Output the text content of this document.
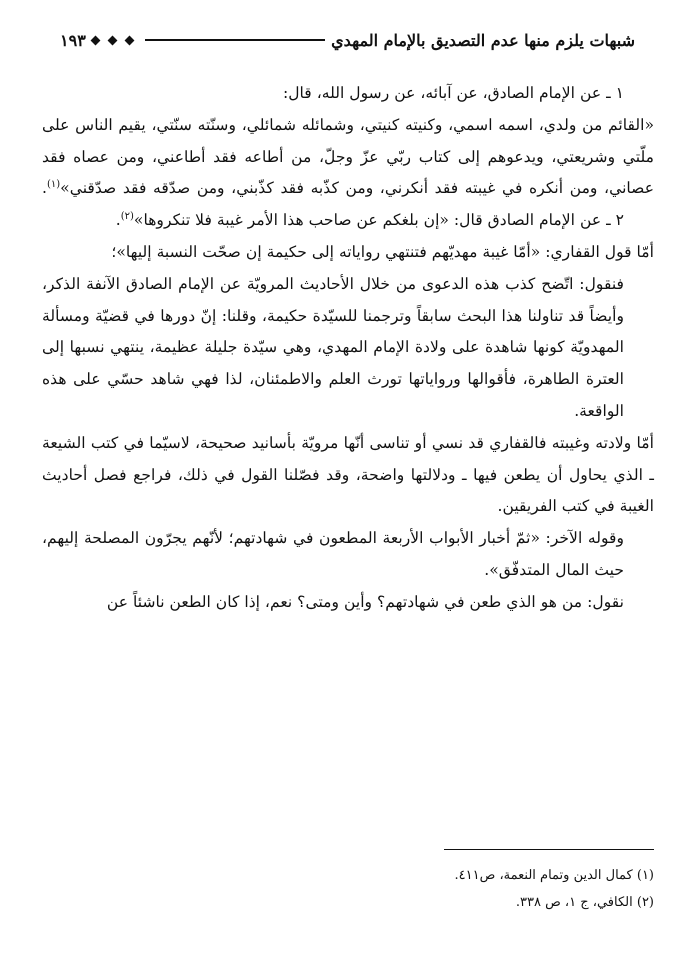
شبهات يلزم منها عدم التصديق بالإمام المهدي
١٩٣

١ ـ عن الإمام الصادق، عن آبائه، عن رسول الله، قال:

«القائم من ولدي، اسمه اسمي، وكنيته كنيتي، وشمائله شمائلي، وسنّته سنّتي، يقيم الناس على ملّتي وشريعتي، ويدعوهم إلى كتاب ربّي عزّ وجلّ، من أطاعه فقد أطاعني، ومن عصاه فقد عصاني، ومن أنكره في غيبته فقد أنكرني، ومن كذّبه فقد كذّبني، ومن صدّقه فقد صدّقني»$^{(١)}$.

٢ ـ عن الإمام الصادق قال: «إن بلغكم عن صاحب هذا الأمر غيبة فلا تنكروها»$^{(٢)}$.

أمّا قول القفاري: «أمّا غيبة مهديّهم فتنتهي رواياته إلى حكيمة إن صحّت النسبة إليها»؛

فنقول: اتّضح كذب هذه الدعوى من خلال الأحاديث المرويّة عن الإمام الصادق الآنفة الذكر، وأيضاً قد تناولنا هذا البحث سابقاً وترجمنا للسيّدة حكيمة، وقلنا: إنّ دورها في قضيّة ومسألة المهدويّة كونها شاهدة على ولادة الإمام المهدي، وهي سيّدة جليلة عظيمة، ينتهي نسبها إلى العترة الطاهرة، فأقوالها ورواياتها تورث العلم والاطمئنان، لذا فهي شاهد حسّي على هذه الواقعة.

أمّا ولادته وغيبته فالقفاري قد نسي أو تناسى أنّها مرويّة بأسانيد صحيحة، لاسيّما في كتب الشيعة ـ الذي يحاول أن يطعن فيها ـ ودلالتها واضحة، وقد فصّلنا القول في ذلك، فراجع فصل أحاديث الغيبة في كتب الفريقين.

وقوله الآخر: «ثمّ أخبار الأبواب الأربعة المطعون في شهادتهم؛ لأنّهم يجرّون المصلحة إليهم، حيث المال المتدفّق».

نقول: من هو الذي طعن في شهادتهم؟ وأين ومتى؟ نعم، إذا كان الطعن ناشئاً عن

(١) كمال الدين وتمام النعمة، ص٤١١.
(٢) الكافي، ج ١، ص ٣٣٨.
